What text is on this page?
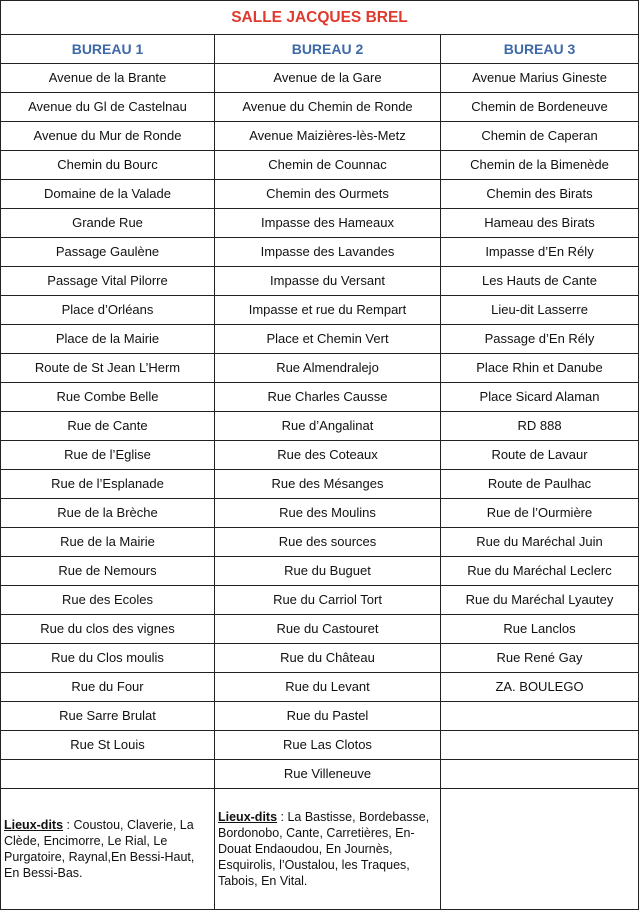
SALLE JACQUES BREL		
BUREAU 1	BUREAU 2	BUREAU 3
Avenue de la Brante	Avenue de la Gare	Avenue Marius Gineste
Avenue du Gl de Castelnau	Avenue du Chemin de Ronde	Chemin de Bordeneuve
Avenue du Mur de Ronde	Avenue Maizières-lès-Metz	Chemin de Caperan
Chemin du Bourc	Chemin de Counnac	Chemin de la Bimenède
Domaine de la Valade	Chemin des Ourmets	Chemin des Birats
Grande Rue	Impasse des Hameaux	Hameau des Birats
Passage Gaulène	Impasse des Lavandes	Impasse d’En Rély
Passage Vital Pilorre	Impasse du Versant	Les Hauts de Cante
Place d’Orléans	Impasse et rue du Rempart	Lieu-dit Lasserre
Place de la Mairie	Place et Chemin Vert	Passage d’En Rély
Route de St Jean L’Herm	Rue Almendralejo	Place Rhin et Danube
Rue Combe Belle	Rue Charles Causse	Place Sicard Alaman
Rue de Cante	Rue d’Angalinat	RD 888
Rue de l’Eglise	Rue des Coteaux	Route de Lavaur
Rue de l’Esplanade	Rue des Mésanges	Route de Paulhac
Rue de la Brèche	Rue des Moulins	Rue de l’Ourmière
Rue de la Mairie	Rue des sources	Rue du Maréchal Juin
Rue de Nemours	Rue du Buguet	Rue du Maréchal Leclerc
Rue des Ecoles	Rue du Carriol Tort	Rue du Maréchal Lyautey
Rue du clos des vignes	Rue du Castouret	Rue Lanclos
Rue du Clos moulis	Rue du Château	Rue René Gay
Rue du Four	Rue du Levant	ZA. BOULEGO
Rue Sarre Brulat	Rue du Pastel	
Rue St Louis	Rue Las Clotos	
	Rue Villeneuve	
Lieux-dits : Coustou, Claverie, La Clède, Encimorre, Le Rial, Le Purgatoire, Raynal,En Bessi-Haut, En Bessi-Bas.	Lieux-dits : La Bastisse, Bordebasse, Bordonobo, Cante, Carretières, En-Douat Endaoudou, En Journès, Esquirolis, l’Oustalou, les Traques, Tabois, En Vital.	
